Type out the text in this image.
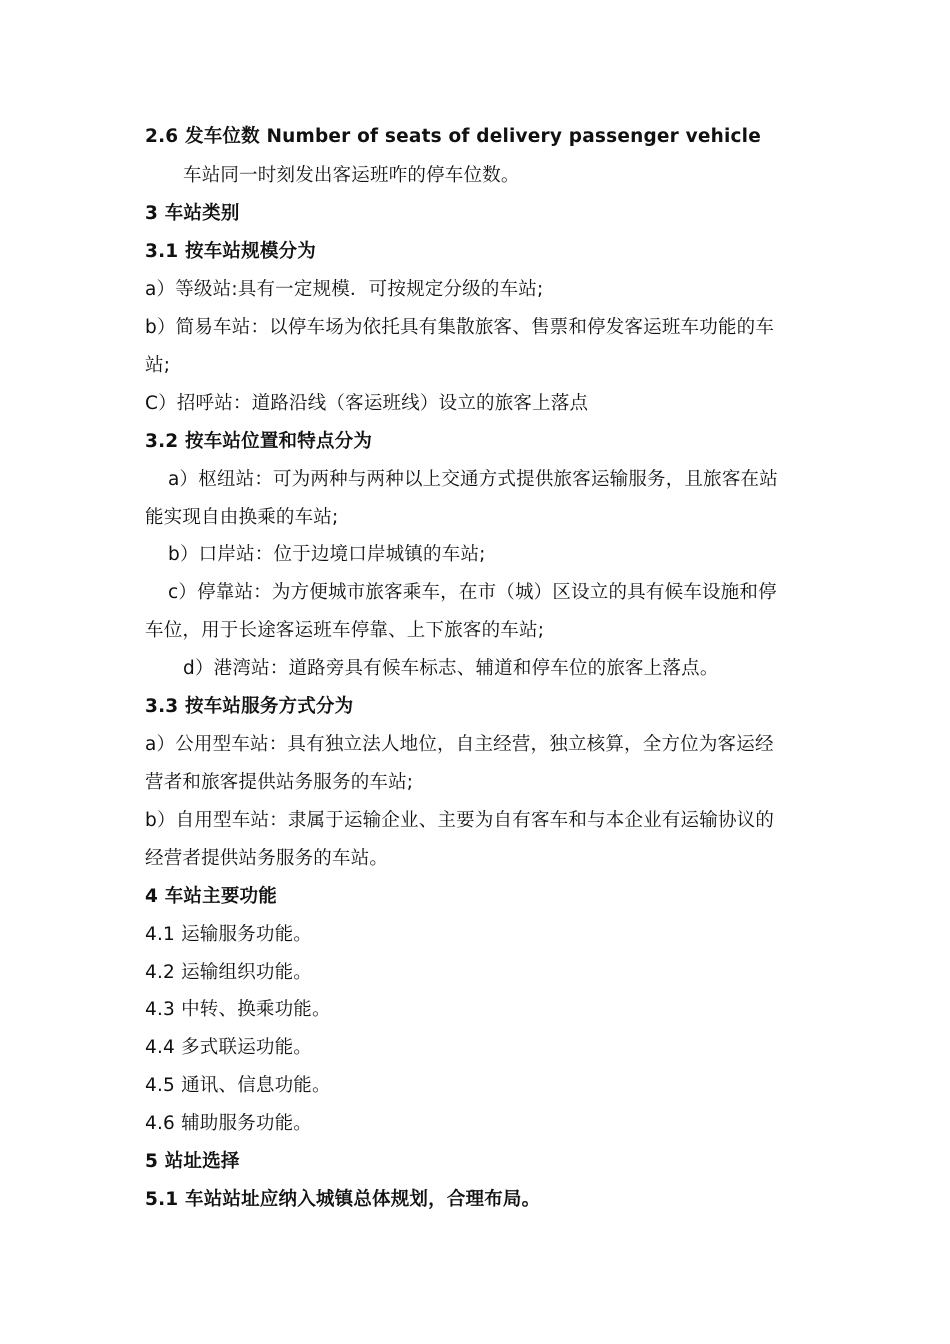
2.6 发车位数 Number of seats of delivery passenger vehicle
车站同一时刻发出客运班咋的停车位数。
3 车站类别
3.1 按车站规模分为
a）等级站:具有一定规模．可按规定分级的车站;
b）简易车站：以停车场为依托具有集散旅客、售票和停发客运班车功能的车
站;
C）招呼站：道路沿线（客运班线）设立的旅客上落点
3.2 按车站位置和特点分为
a）枢纽站：可为两种与两种以上交通方式提供旅客运输服务，且旅客在站
能实现自由换乘的车站;
b）口岸站：位于边境口岸城镇的车站;
c）停靠站：为方便城市旅客乘车，在市（城）区设立的具有候车设施和停
车位，用于长途客运班车停靠、上下旅客的车站;
d）港湾站：道路旁具有候车标志、辅道和停车位的旅客上落点。
3.3 按车站服务方式分为
a）公用型车站：具有独立法人地位，自主经营，独立核算，全方位为客运经
营者和旅客提供站务服务的车站;
b）自用型车站：隶属于运输企业、主要为自有客车和与本企业有运输协议的
经营者提供站务服务的车站。
4 车站主要功能
4.1 运输服务功能。
4.2 运输组织功能。
4.3 中转、换乘功能。
4.4 多式联运功能。
4.5 通讯、信息功能。
4.6 辅助服务功能。
5 站址选择
5.1 车站站址应纳入城镇总体规划，合理布局。
